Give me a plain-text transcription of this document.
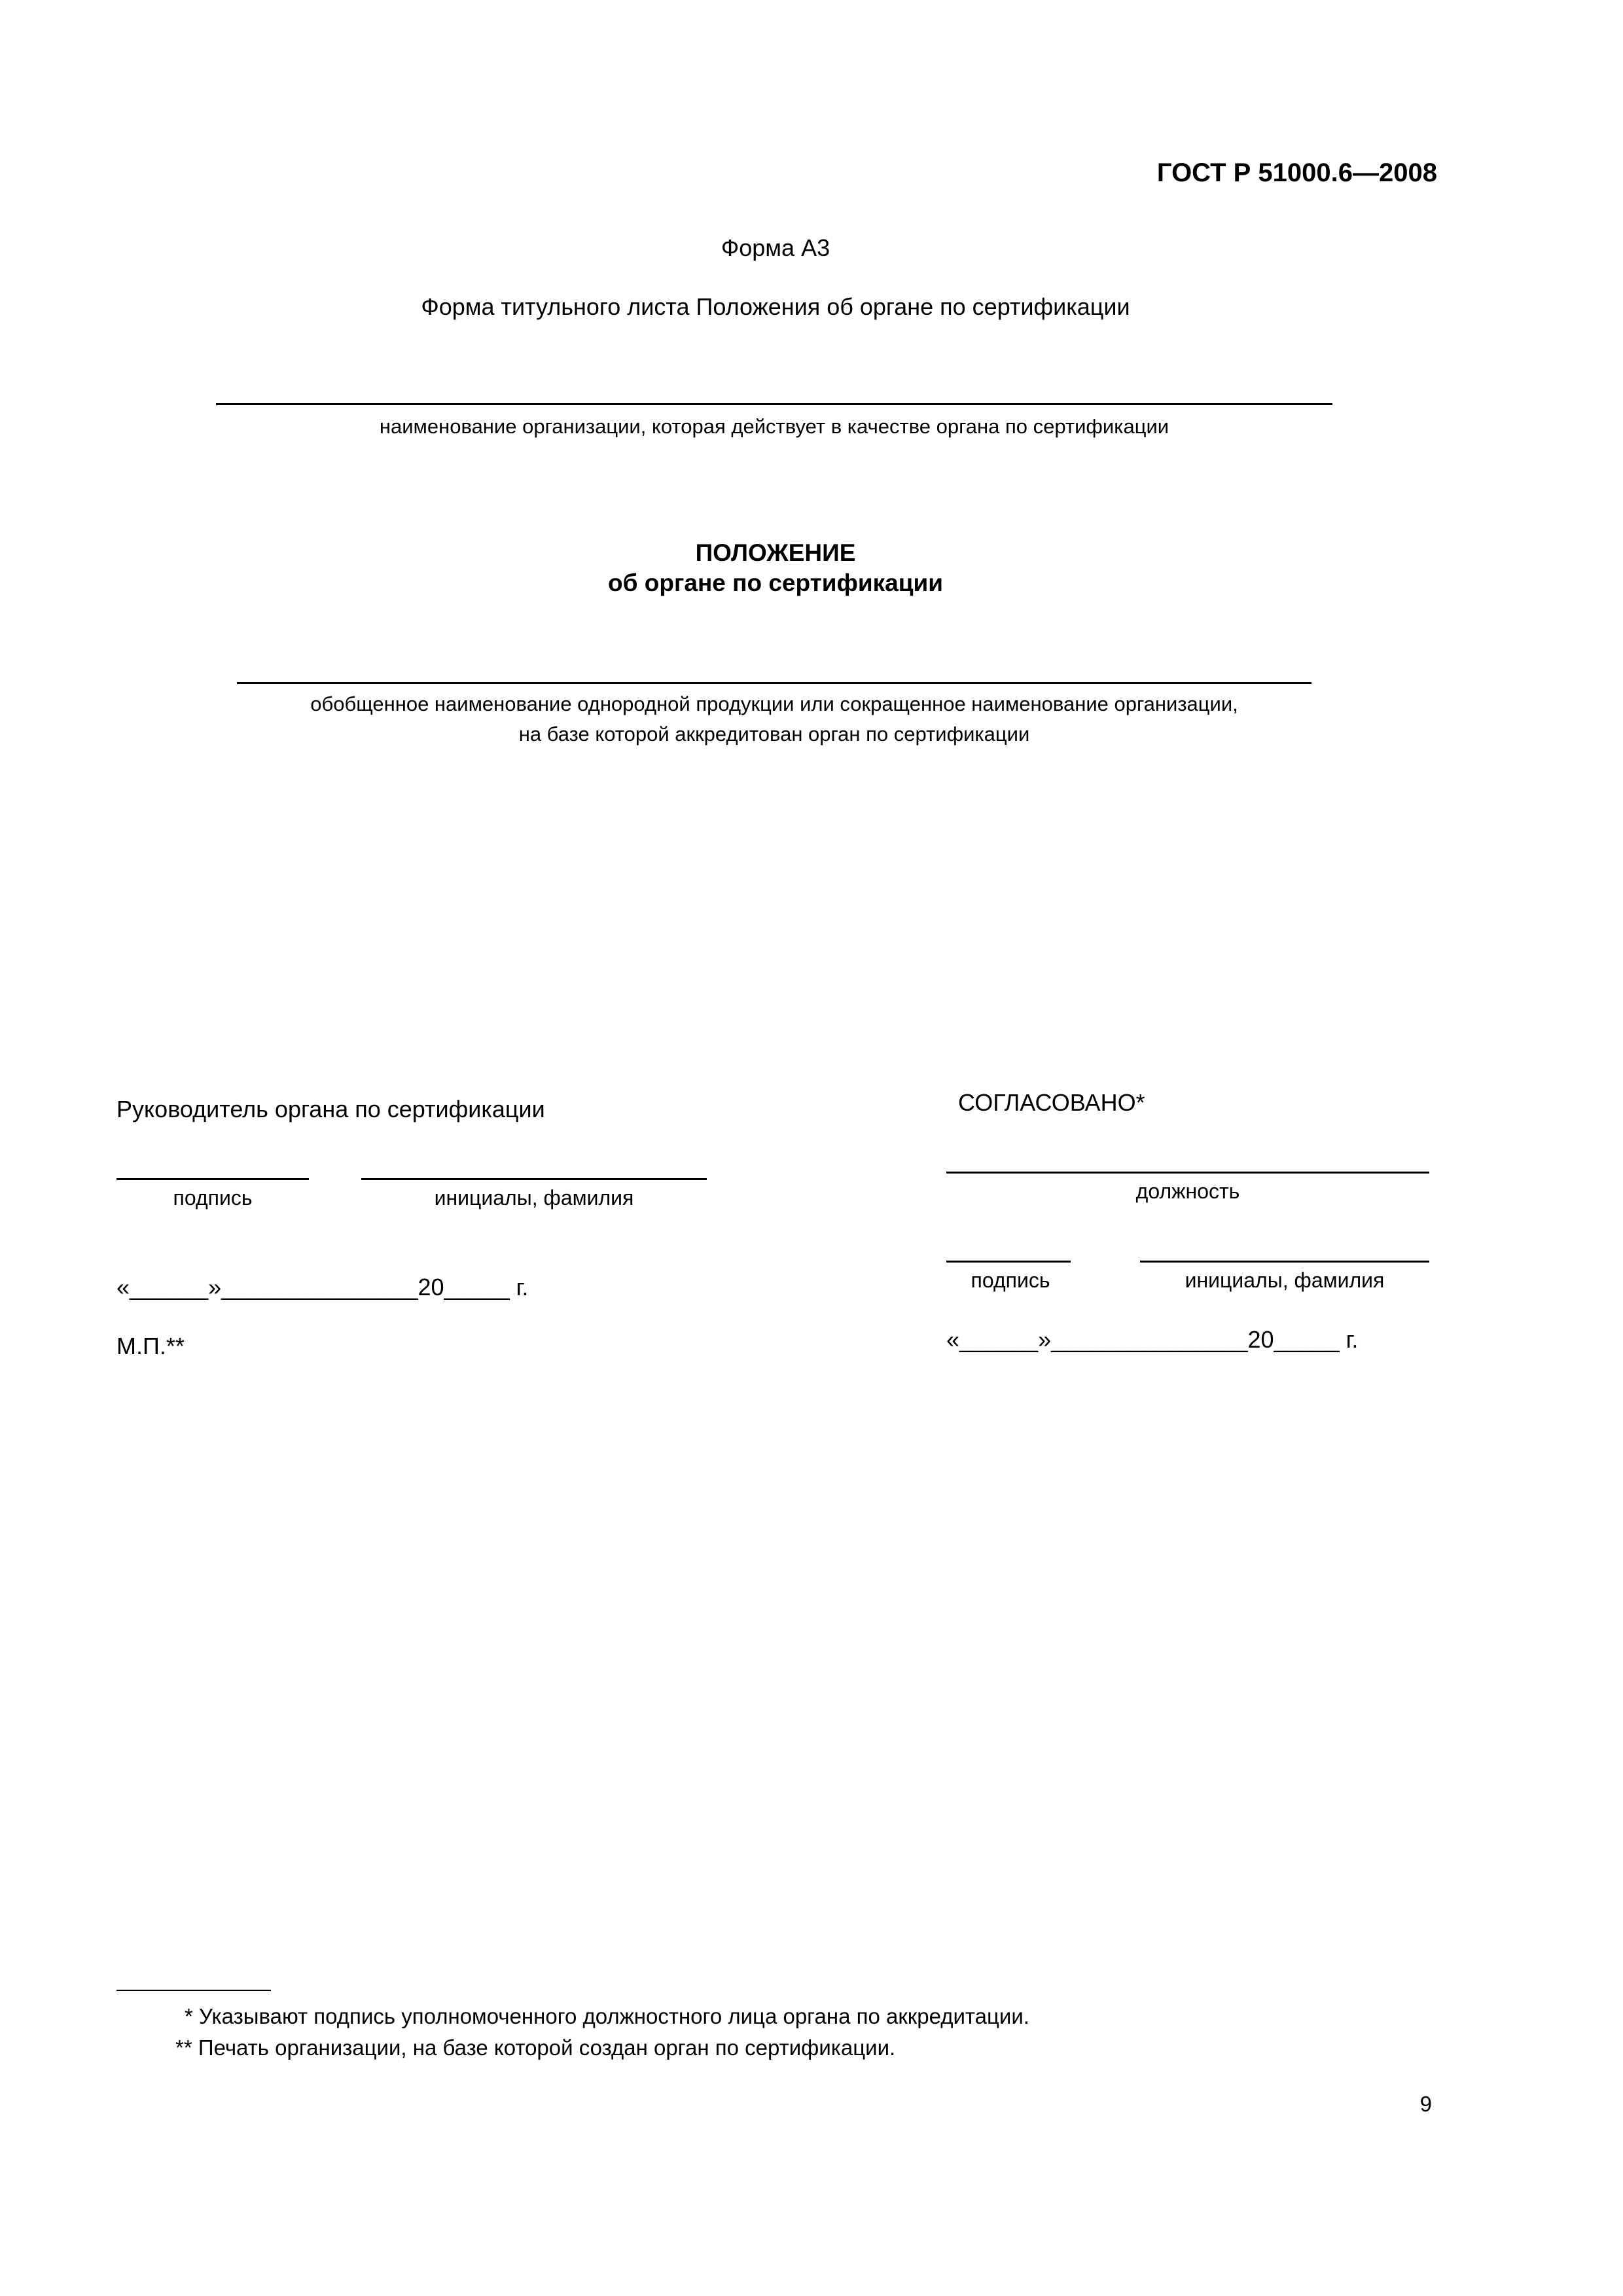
ГОСТ Р 51000.6—2008
Форма А3
Форма титульного листа Положения об органе по сертификации
наименование организации, которая действует в качестве органа по сертификации
ПОЛОЖЕНИЕ
об органе по сертификации
обобщенное наименование однородной продукции или сокращенное наименование организации,
на базе которой аккредитован орган по сертификации
Руководитель органа по сертификации
подпись	инициалы, фамилия
«______»_______________20_____ г.
М.П.**
СОГЛАСОВАНО*
должность
подпись	инициалы, фамилия
«______»_______________20_____ г.
* Указывают подпись уполномоченного должностного лица органа по аккредитации.
** Печать организации, на базе которой создан орган по сертификации.
9
